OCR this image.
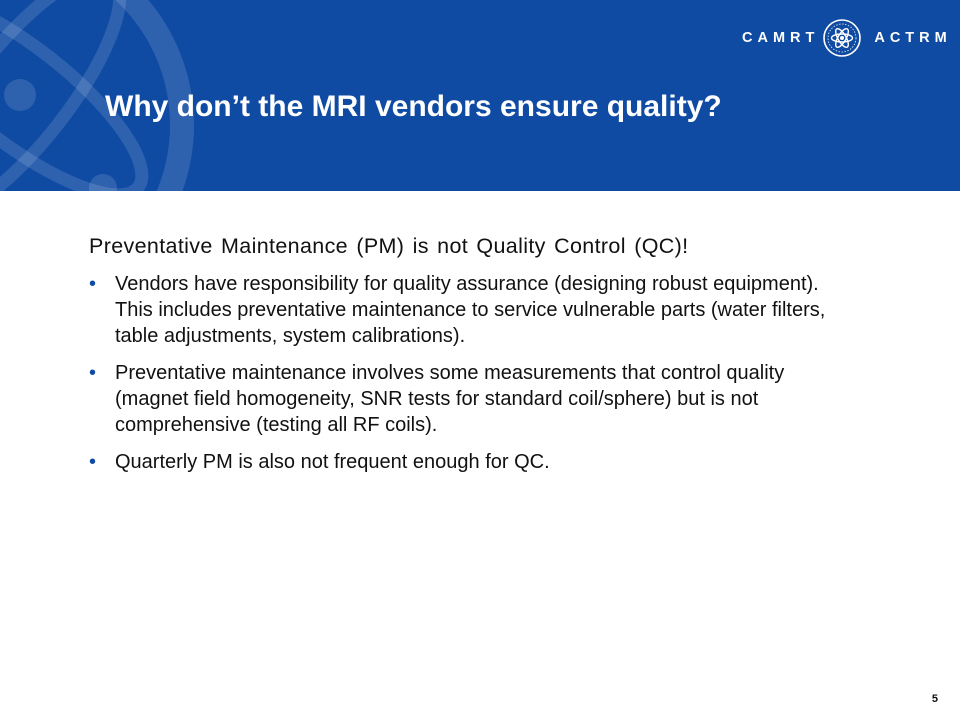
CAMRT	ACTRM
Why don’t the MRI vendors ensure quality?

Preventative Maintenance (PM) is not Quality Control (QC)!

• Vendors have responsibility for quality assurance (designing robust equipment). This includes preventative maintenance to service vulnerable parts (water filters, table adjustments, system calibrations).
• Preventative maintenance involves some measurements that control quality (magnet field homogeneity, SNR tests for standard coil/sphere) but is not comprehensive (testing all RF coils).
• Quarterly PM is also not frequent enough for QC.
5
